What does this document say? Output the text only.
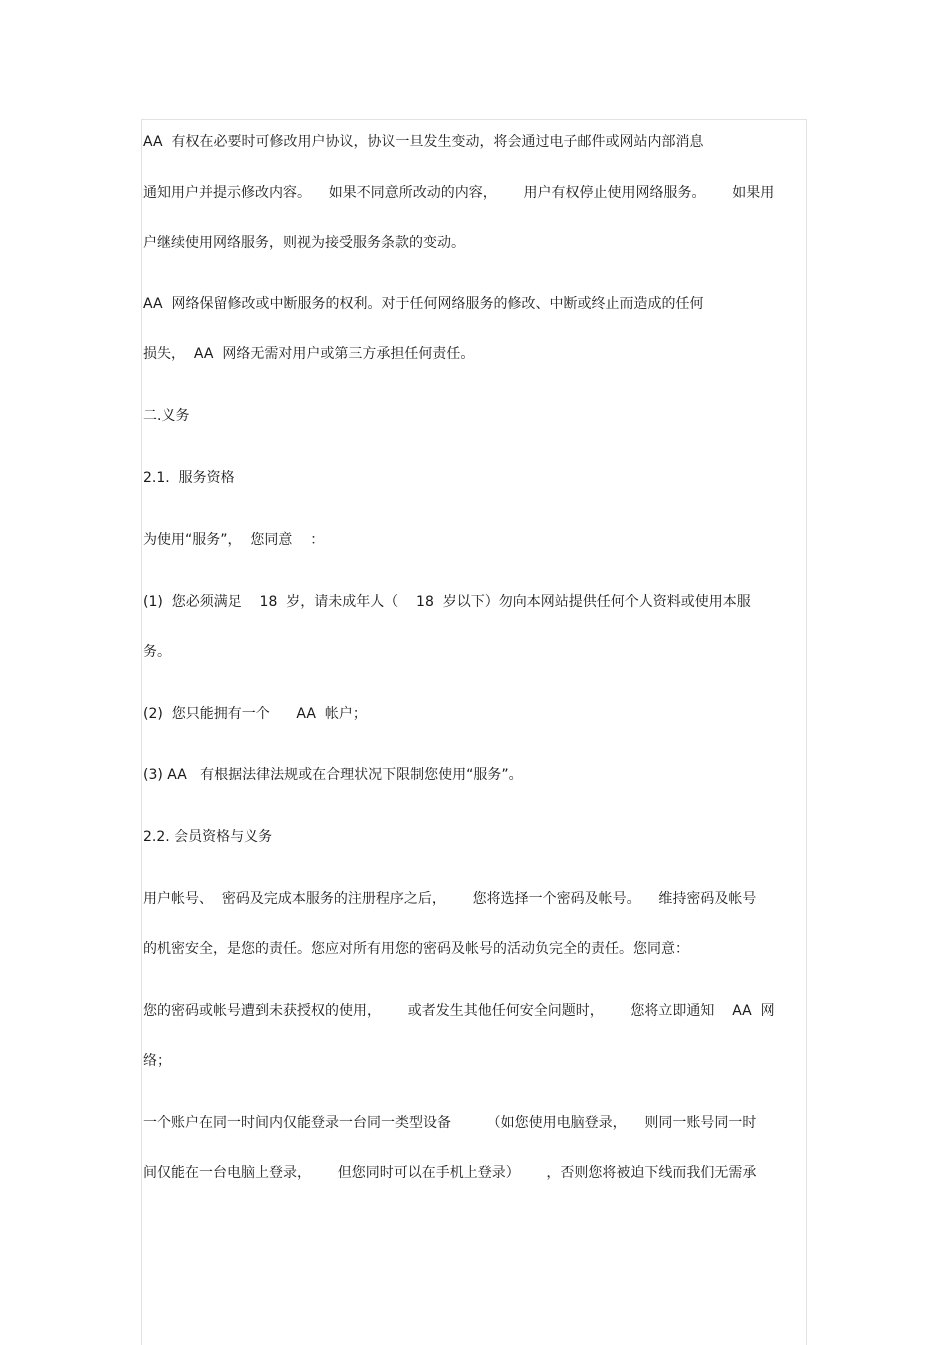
AA  有权在必要时可修改用户协议，协议一旦发生变动，将会通过电子邮件或网站内部消息
通知用户并提示修改内容。    如果不同意所改动的内容，      用户有权停止使用网络服务。      如果用
户继续使用网络服务，则视为接受服务条款的变动。
AA  网络保留修改或中断服务的权利。对于任何网络服务的修改、中断或终止而造成的任何
损失，  AA  网络无需对用户或第三方承担任何责任。
二.义务
2.1.  服务资格
为使用“服务”，  您同意    ：
(1)  您必须满足    18  岁，请未成年人（    18  岁以下）勿向本网站提供任何个人资料或使用本服
务。
(2)  您只能拥有一个      AA  帐户；
(3) AA   有根据法律法规或在合理状况下限制您使用“服务”。
2.2. 会员资格与义务
用户帐号、  密码及完成本服务的注册程序之后，      您将选择一个密码及帐号。    维持密码及帐号
的机密安全，是您的责任。您应对所有用您的密码及帐号的活动负完全的责任。您同意：
您的密码或帐号遭到未获授权的使用，      或者发生其他任何安全问题时，      您将立即通知    AA  网
络；
一个账户在同一时间内仅能登录一台同一类型设备        （如您使用电脑登录，    则同一账号同一时
间仅能在一台电脑上登录，      但您同时可以在手机上登录）      ，否则您将被迫下线而我们无需承
